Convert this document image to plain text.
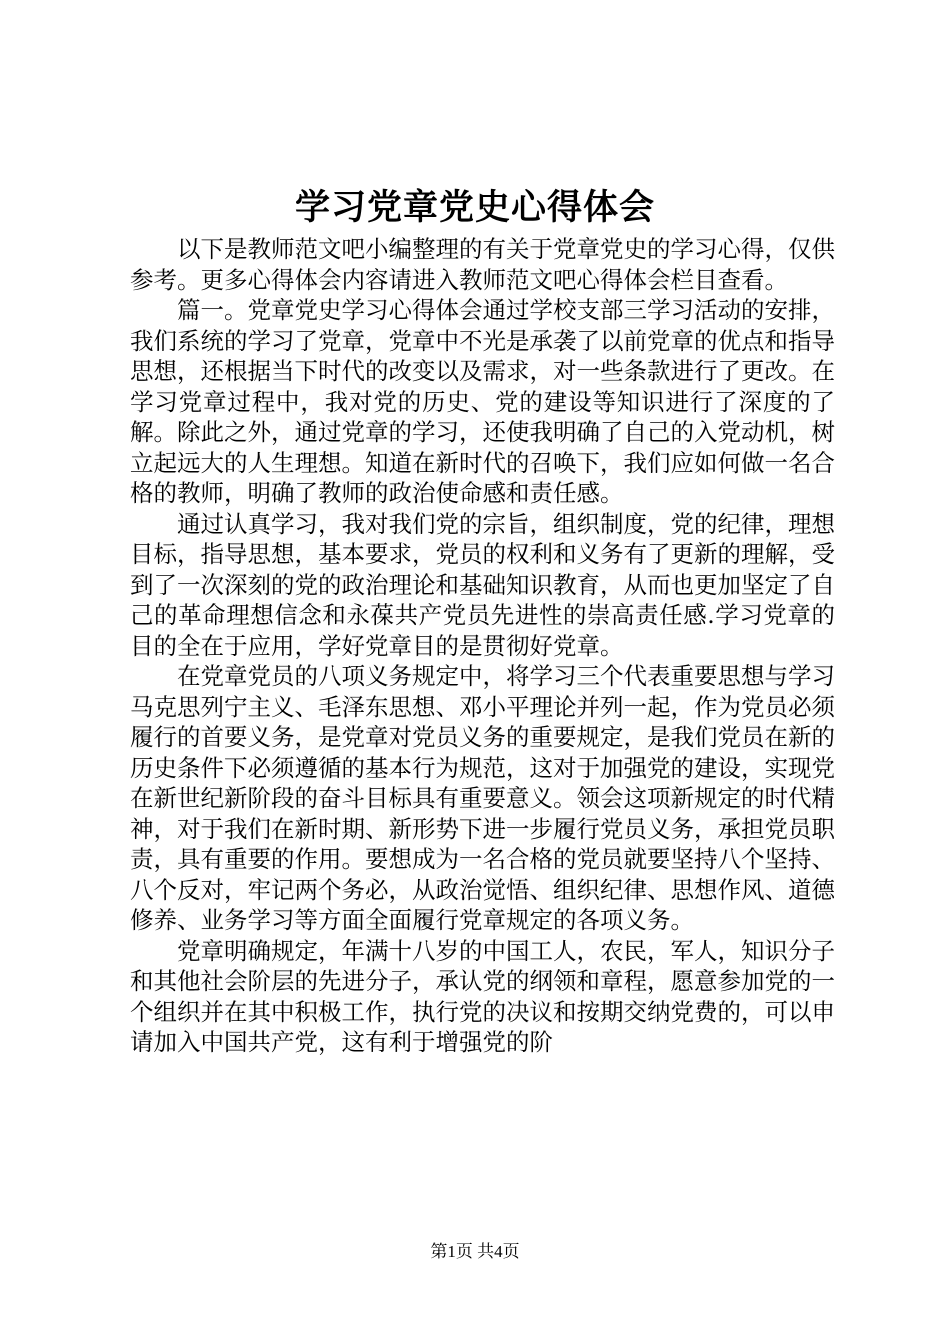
学习党章党史心得体会

以下是教师范文吧小编整理的有关于党章党史的学习心得，仅供参考。更多心得体会内容请进入教师范文吧心得体会栏目查看。

篇一。党章党史学习心得体会通过学校支部三学习活动的安排，我们系统的学习了党章，党章中不光是承袭了以前党章的优点和指导思想，还根据当下时代的改变以及需求，对一些条款进行了更改。在学习党章过程中，我对党的历史、党的建设等知识进行了深度的了解。除此之外，通过党章的学习，还使我明确了自己的入党动机，树立起远大的人生理想。知道在新时代的召唤下，我们应如何做一名合格的教师，明确了教师的政治使命感和责任感。

通过认真学习，我对我们党的宗旨，组织制度，党的纪律，理想目标，指导思想，基本要求，党员的权利和义务有了更新的理解，受到了一次深刻的党的政治理论和基础知识教育，从而也更加坚定了自己的革命理想信念和永葆共产党员先进性的崇高责任感.学习党章的目的全在于应用，学好党章目的是贯彻好党章。

在党章党员的八项义务规定中，将学习三个代表重要思想与学习马克思列宁主义、毛泽东思想、邓小平理论并列一起，作为党员必须履行的首要义务，是党章对党员义务的重要规定，是我们党员在新的历史条件下必须遵循的基本行为规范，这对于加强党的建设，实现党在新世纪新阶段的奋斗目标具有重要意义。领会这项新规定的时代精神，对于我们在新时期、新形势下进一步履行党员义务，承担党员职责，具有重要的作用。要想成为一名合格的党员就要坚持八个坚持、八个反对，牢记两个务必，从政治觉悟、组织纪律、思想作风、道德修养、业务学习等方面全面履行党章规定的各项义务。

党章明确规定，年满十八岁的中国工人，农民，军人，知识分子和其他社会阶层的先进分子，承认党的纲领和章程，愿意参加党的一个组织并在其中积极工作，执行党的决议和按期交纳党费的，可以申请加入中国共产党，这有利于增强党的阶

第1页 共4页
